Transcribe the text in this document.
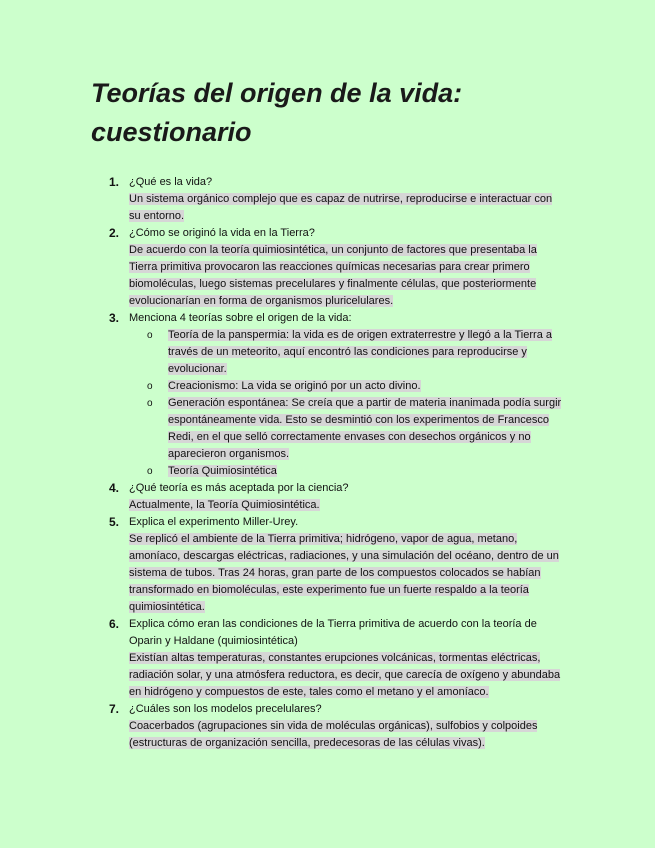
Teorías del origen de la vida:
cuestionario
1. ¿Qué es la vida?
Un sistema orgánico complejo que es capaz de nutrirse, reproducirse e interactuar con su entorno.
2. ¿Cómo se originó la vida en la Tierra?
De acuerdo con la teoría quimiosintética, un conjunto de factores que presentaba la Tierra primitiva provocaron las reacciones químicas necesarias para crear primero biomoléculas, luego sistemas precelulares y finalmente células, que posteriormente evolucionarían en forma de organismos pluricelulares.
3. Menciona 4 teorías sobre el origen de la vida:
o Teoría de la panspermia: la vida es de origen extraterrestre y llegó a la Tierra a través de un meteorito, aquí encontró las condiciones para reproducirse y evolucionar.
o Creacionismo: La vida se originó por un acto divino.
o Generación espontánea: Se creía que a partir de materia inanimada podía surgir espontáneamente vida. Esto se desmintió con los experimentos de Francesco Redi, en el que selló correctamente envases con desechos orgánicos y no aparecieron organismos.
o Teoría Quimiosintética
4. ¿Qué teoría es más aceptada por la ciencia?
Actualmente, la Teoría Quimiosintética.
5. Explica el experimento Miller-Urey.
Se replicó el ambiente de la Tierra primitiva; hidrógeno, vapor de agua, metano, amoníaco, descargas eléctricas, radiaciones, y una simulación del océano, dentro de un sistema de tubos. Tras 24 horas, gran parte de los compuestos colocados se habían transformado en biomoléculas, este experimento fue un fuerte respaldo a la teoría quimiosintética.
6. Explica cómo eran las condiciones de la Tierra primitiva de acuerdo con la teoría de Oparin y Haldane (quimiosintética)
Existían altas temperaturas, constantes erupciones volcánicas, tormentas eléctricas, radiación solar, y una atmósfera reductora, es decir, que carecía de oxígeno y abundaba en hidrógeno y compuestos de este, tales como el metano y el amoníaco.
7. ¿Cuáles son los modelos precelulares?
Coacerbados (agrupaciones sin vida de moléculas orgánicas), sulfobios y colpoides (estructuras de organización sencilla, predecesoras de las células vivas).
